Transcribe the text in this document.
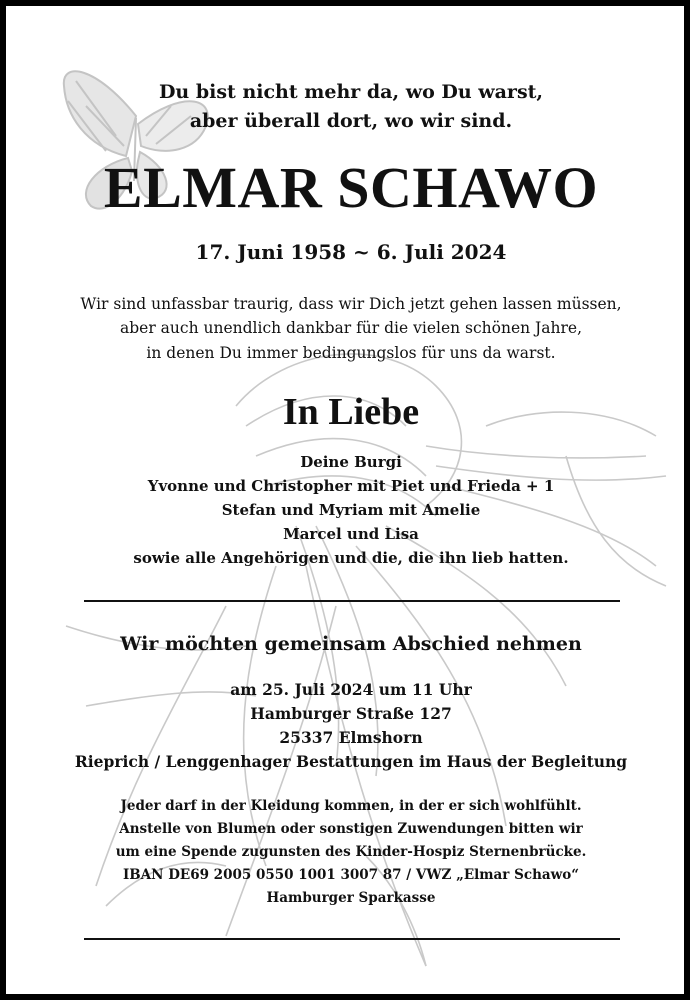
Du bist nicht mehr da, wo Du warst,
aber überall dort, wo wir sind.
ELMAR SCHAWO
17. Juni 1958 ~ 6. Juli 2024
Wir sind unfassbar traurig, dass wir Dich jetzt gehen lassen müssen,
aber auch unendlich dankbar für die vielen schönen Jahre,
in denen Du immer bedingungslos für uns da warst.
In Liebe
Deine Burgi
Yvonne und Christopher mit Piet und Frieda + 1
Stefan und Myriam mit Amelie
Marcel und Lisa
sowie alle Angehörigen und die, die ihn lieb hatten.
Wir möchten gemeinsam Abschied nehmen
am 25. Juli 2024 um 11 Uhr
Hamburger Straße 127
25337 Elmshorn
Rieprich / Lenggenhager Bestattungen im Haus der Begleitung
Jeder darf in der Kleidung kommen, in der er sich wohlfühlt.
Anstelle von Blumen oder sonstigen Zuwendungen bitten wir
um eine Spende zugunsten des Kinder-Hospiz Sternenbrücke.
IBAN DE69 2005 0550 1001 3007 87 / VWZ „Elmar Schawo“
Hamburger Sparkasse
